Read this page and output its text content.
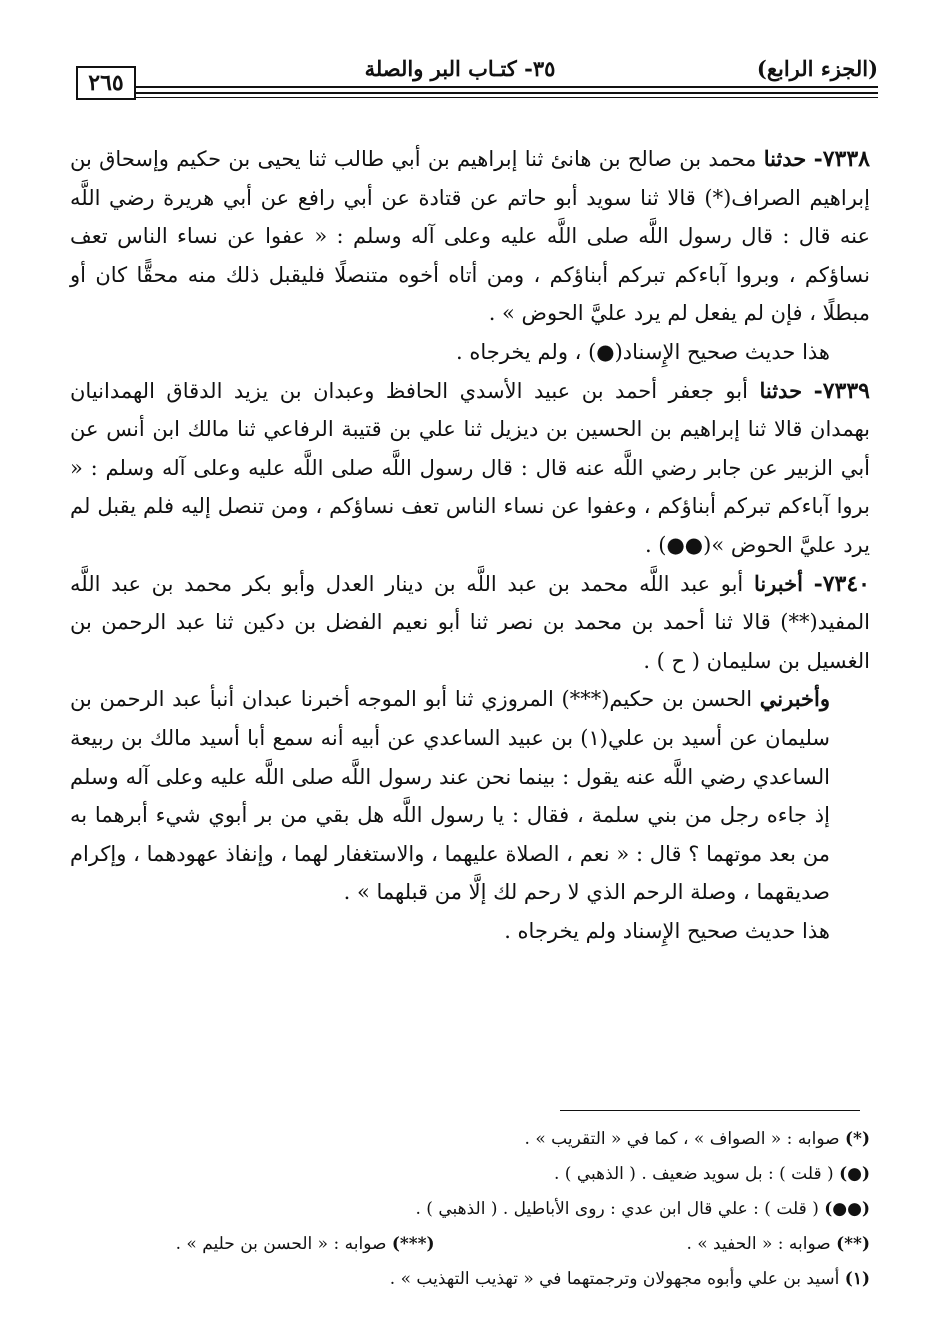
٢٦٥
٣٥- كتـاب البر والصلة	(الجزء الرابع)

٧٣٣٨- حدثنا محمد بن صالح بن هانئ ثنا إبراهيم بن أبي طالب ثنا يحيى بن حكيم وإسحاق بن إبراهيم الصراف(*) قالا ثنا سويد أبو حاتم عن قتادة عن أبي رافع عن أبي هريرة رضي اللَّه عنه قال : قال رسول اللَّه صلى اللَّه عليه وعلى آله وسلم : « عفوا عن نساء الناس تعف نساؤكم ، وبروا آباءكم تبركم أبناؤكم ، ومن أتاه أخوه متنصلًا فليقبل ذلك منه محقًّا كان أو مبطلًا ، فإن لم يفعل لم يرد عليَّ الحوض » .

هذا حديث صحيح الإِسناد(●) ، ولم يخرجاه .

٧٣٣٩- حدثنا أبو جعفر أحمد بن عبيد الأسدي الحافظ وعبدان بن يزيد الدقاق الهمدانيان بهمدان قالا ثنا إبراهيم بن الحسين بن ديزيل ثنا علي بن قتيبة الرفاعي ثنا مالك ابن أنس عن أبي الزبير عن جابر رضي اللَّه عنه قال : قال رسول اللَّه صلى اللَّه عليه وعلى آله وسلم : « بروا آباءكم تبركم أبناؤكم ، وعفوا عن نساء الناس تعف نساؤكم ، ومن تنصل إليه فلم يقبل لم يرد عليَّ الحوض »(●●) .

٧٣٤٠- أخبرنا أبو عبد اللَّه محمد بن عبد اللَّه بن دينار العدل وأبو بكر محمد بن عبد اللَّه المفيد(**) قالا ثنا أحمد بن محمد بن نصر ثنا أبو نعيم الفضل بن دكين ثنا عبد الرحمن بن الغسيل بن سليمان ( ح ) .

وأخبرني الحسن بن حكيم(***) المروزي ثنا أبو الموجه أخبرنا عبدان أنبأ عبد الرحمن بن سليمان عن أسيد بن علي(١) بن عبيد الساعدي عن أبيه أنه سمع أبا أسيد مالك بن ربيعة الساعدي رضي اللَّه عنه يقول : بينما نحن عند رسول اللَّه صلى اللَّه عليه وعلى آله وسلم إذ جاءه رجل من بني سلمة ، فقال : يا رسول اللَّه هل بقي من بر أبوي شيء أبرهما به من بعد موتهما ؟ قال : « نعم ، الصلاة عليهما ، والاستغفار لهما ، وإنفاذ عهودهما ، وإكرام صديقهما ، وصلة الرحم الذي لا رحم لك إلَّا من قبلهما » .

هذا حديث صحيح الإِسناد ولم يخرجاه .

(*) صوابه : « الصواف » ، كما في « التقريب » .
(●) ( قلت ) : بل سويد ضعيف . ( الذهبي ) .
(●●) ( قلت ) : علي قال ابن عدي : روى الأباطيل . ( الذهبي ) .
(**) صوابه : « الحفيد » . (***) صوابه : « الحسن بن حليم » .
(١) أسيد بن علي وأبوه مجهولان وترجمتهما في « تهذيب التهذيب » .
